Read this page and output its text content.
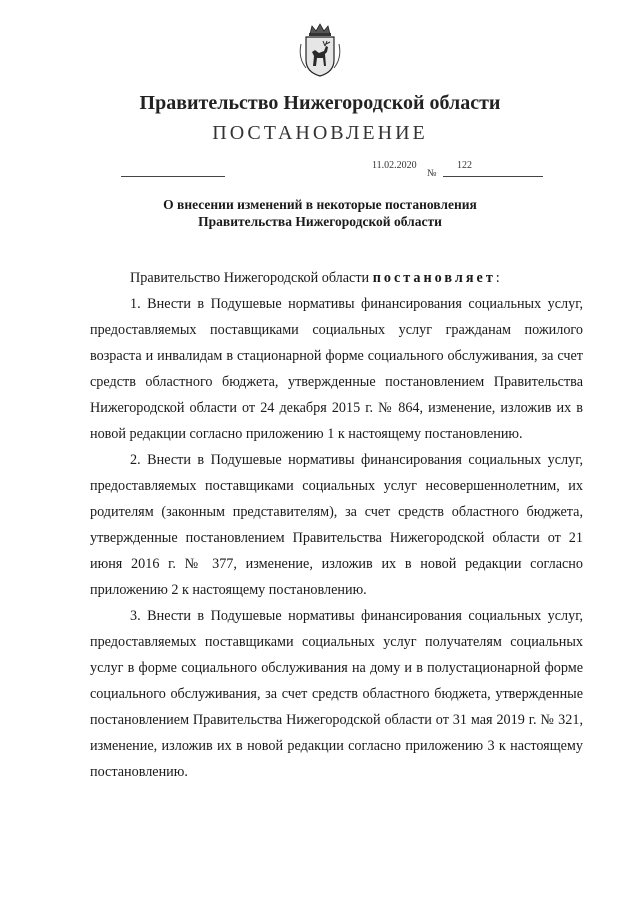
Правительство Нижегородской области
ПОСТАНОВЛЕНИЕ
11.02.2020
№
122
О внесении изменений в некоторые постановления
Правительства Нижегородской области

Правительство Нижегородской области постановляет:

1. Внести в Подушевые нормативы финансирования социальных услуг, предоставляемых поставщиками социальных услуг гражданам пожилого возраста и инвалидам в стационарной форме социального обслуживания, за счет средств областного бюджета, утвержденные постановлением Правительства Нижегородской области от 24 декабря 2015 г. № 864, изменение, изложив их в новой редакции согласно приложению 1 к настоящему постановлению.

2. Внести в Подушевые нормативы финансирования социальных услуг, предоставляемых поставщиками социальных услуг несовершеннолетним, их родителям (законным представителям), за счет средств областного бюджета, утвержденные постановлением Правительства Нижегородской области от 21 июня 2016 г. № 377, изменение, изложив их в новой редакции согласно приложению 2 к настоящему постановлению.

3. Внести в Подушевые нормативы финансирования социальных услуг, предоставляемых поставщиками социальных услуг получателям социальных услуг в форме социального обслуживания на дому и в полустационарной форме социального обслуживания, за счет средств областного бюджета, утвержденные постановлением Правительства Нижегородской области от 31 мая 2019 г. № 321, изменение, изложив их в новой редакции согласно приложению 3 к настоящему постановлению.
